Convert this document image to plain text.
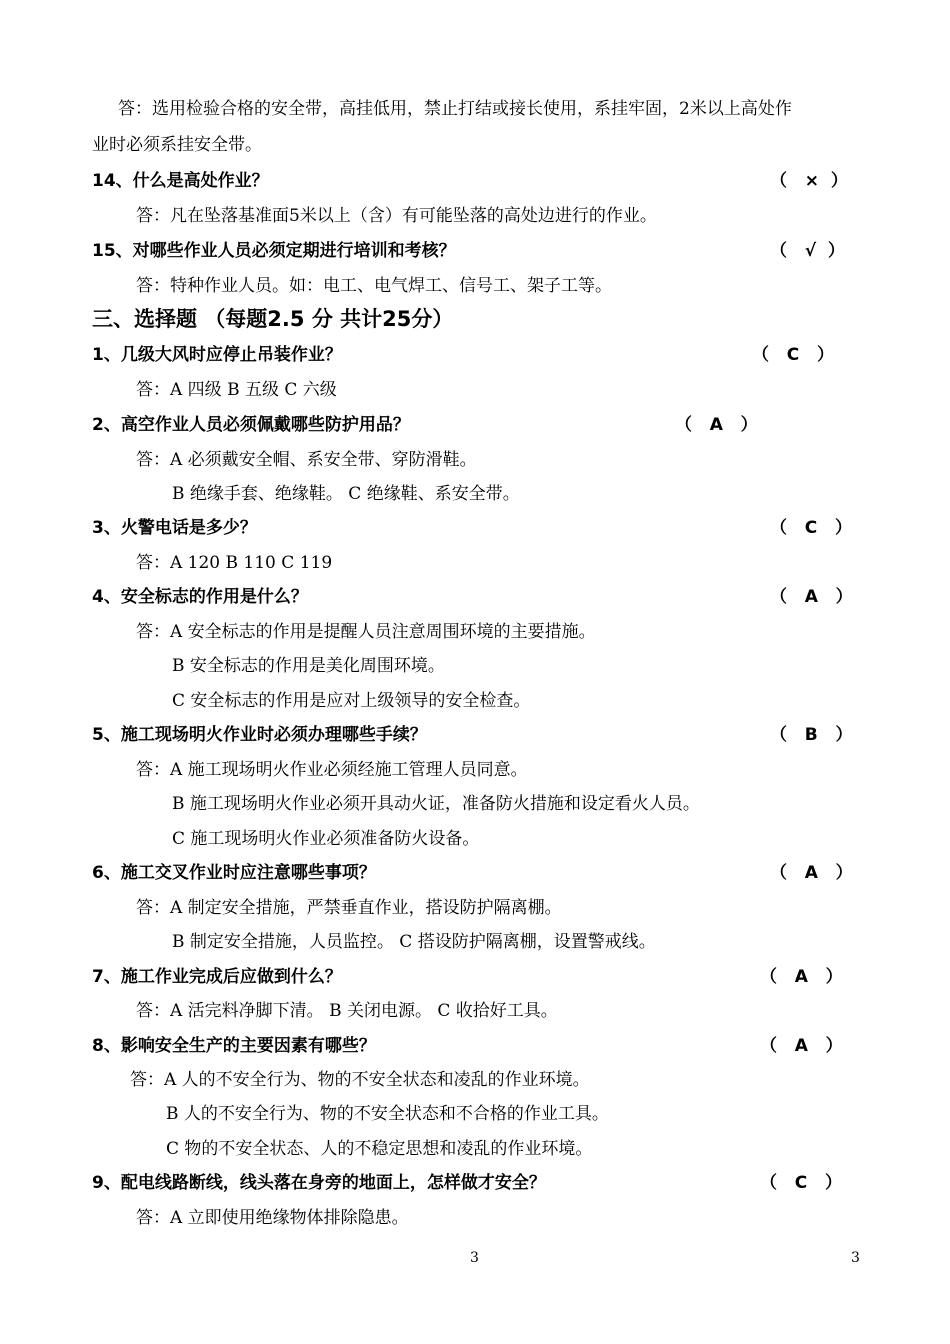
答：选用检验合格的安全带，高挂低用，禁止打结或接长使用，系挂牢固，2米以上高处作
业时必须系挂安全带。
14、什么是高处作业？	（   ×  ）
答：凡在坠落基准面5米以上（含）有可能坠落的高处边进行的作业。
15、对哪些作业人员必须定期进行培训和考核？	（   √  ）
答：特种作业人员。如：电工、电气焊工、信号工、架子工等。
三、选择题 （每题2.5 分 共计25分）
1、几级大风时应停止吊装作业？	（   C   ）
答：A 四级 B 五级 C 六级
2、高空作业人员必须佩戴哪些防护用品？	（   A   ）
答：A 必须戴安全帽、系安全带、穿防滑鞋。
B 绝缘手套、绝缘鞋。 C 绝缘鞋、系安全带。
3、火警电话是多少？	（   C   ）
答：A 120 B 110 C 119
4、安全标志的作用是什么？	（   A   ）
答：A 安全标志的作用是提醒人员注意周围环境的主要措施。
B 安全标志的作用是美化周围环境。
C 安全标志的作用是应对上级领导的安全检查。
5、施工现场明火作业时必须办理哪些手续？	（   B   ）
答：A 施工现场明火作业必须经施工管理人员同意。
B 施工现场明火作业必须开具动火证，准备防火措施和设定看火人员。
C 施工现场明火作业必须准备防火设备。
6、施工交叉作业时应注意哪些事项？	（   A   ）
答：A 制定安全措施，严禁垂直作业，搭设防护隔离棚。
B 制定安全措施，人员监控。 C 搭设防护隔离棚，设置警戒线。
7、施工作业完成后应做到什么？	（   A   ）
答：A 活完料净脚下清。 B 关闭电源。 C 收拾好工具。
8、影响安全生产的主要因素有哪些？	（   A   ）
答：A 人的不安全行为、物的不安全状态和凌乱的作业环境。
B 人的不安全行为、物的不安全状态和不合格的作业工具。
C 物的不安全状态、人的不稳定思想和凌乱的作业环境。
9、配电线路断线，线头落在身旁的地面上，怎样做才安全？	（   C   ）
答：A 立即使用绝缘物体排除隐患。
3	3
